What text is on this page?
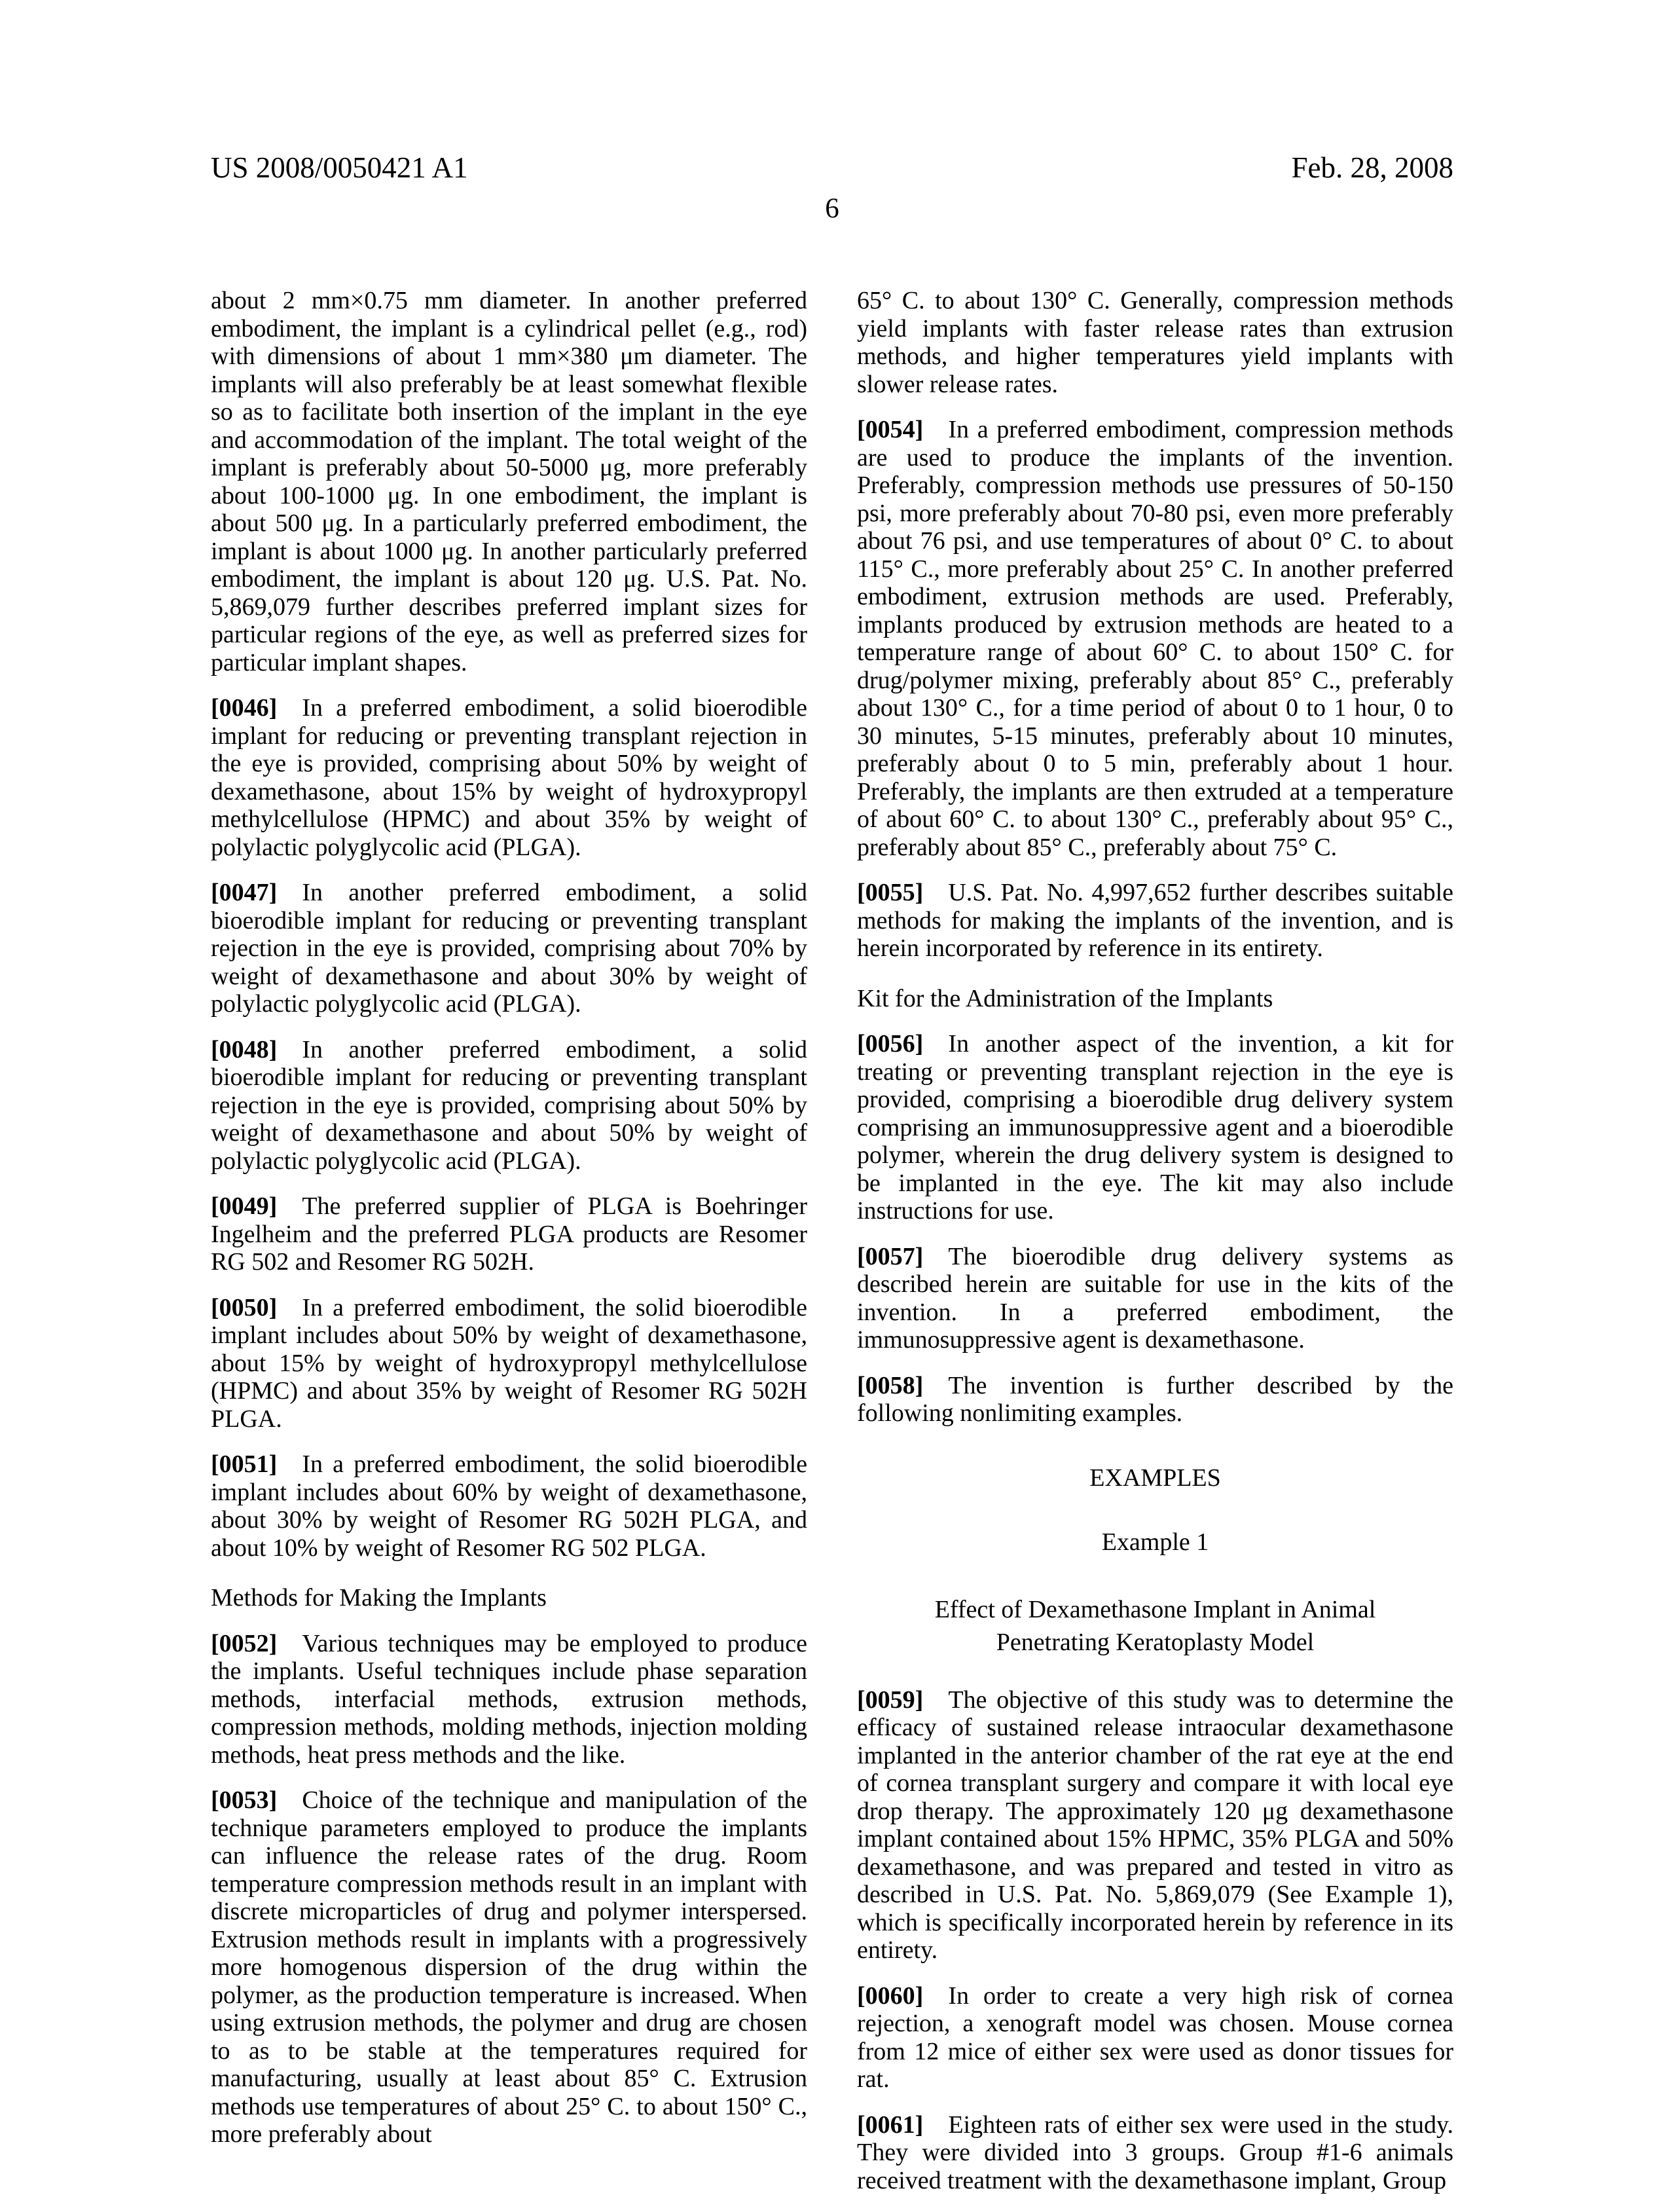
US 2008/0050421 A1	Feb. 28, 2008
6

about 2 mm×0.75 mm diameter. In another preferred embodiment, the implant is a cylindrical pellet (e.g., rod) with dimensions of about 1 mm×380 μm diameter. The implants will also preferably be at least somewhat flexible so as to facilitate both insertion of the implant in the eye and accommodation of the implant. The total weight of the implant is preferably about 50-5000 μg, more preferably about 100-1000 μg. In one embodiment, the implant is about 500 μg. In a particularly preferred embodiment, the implant is about 1000 μg. In another particularly preferred embodiment, the implant is about 120 μg. U.S. Pat. No. 5,869,079 further describes preferred implant sizes for particular regions of the eye, as well as preferred sizes for particular implant shapes.

[0046] In a preferred embodiment, a solid bioerodible implant for reducing or preventing transplant rejection in the eye is provided, comprising about 50% by weight of dexamethasone, about 15% by weight of hydroxypropyl methylcellulose (HPMC) and about 35% by weight of polylactic polyglycolic acid (PLGA).

[0047] In another preferred embodiment, a solid bioerodible implant for reducing or preventing transplant rejection in the eye is provided, comprising about 70% by weight of dexamethasone and about 30% by weight of polylactic polyglycolic acid (PLGA).

[0048] In another preferred embodiment, a solid bioerodible implant for reducing or preventing transplant rejection in the eye is provided, comprising about 50% by weight of dexamethasone and about 50% by weight of polylactic polyglycolic acid (PLGA).

[0049] The preferred supplier of PLGA is Boehringer Ingelheim and the preferred PLGA products are Resomer RG 502 and Resomer RG 502H.

[0050] In a preferred embodiment, the solid bioerodible implant includes about 50% by weight of dexamethasone, about 15% by weight of hydroxypropyl methylcellulose (HPMC) and about 35% by weight of Resomer RG 502H PLGA.

[0051] In a preferred embodiment, the solid bioerodible implant includes about 60% by weight of dexamethasone, about 30% by weight of Resomer RG 502H PLGA, and about 10% by weight of Resomer RG 502 PLGA.

Methods for Making the Implants

[0052] Various techniques may be employed to produce the implants. Useful techniques include phase separation methods, interfacial methods, extrusion methods, compression methods, molding methods, injection molding methods, heat press methods and the like.

[0053] Choice of the technique and manipulation of the technique parameters employed to produce the implants can influence the release rates of the drug. Room temperature compression methods result in an implant with discrete microparticles of drug and polymer interspersed. Extrusion methods result in implants with a progressively more homogenous dispersion of the drug within the polymer, as the production temperature is increased. When using extrusion methods, the polymer and drug are chosen to as to be stable at the temperatures required for manufacturing, usually at least about 85° C. Extrusion methods use temperatures of about 25° C. to about 150° C., more preferably about

65° C. to about 130° C. Generally, compression methods yield implants with faster release rates than extrusion methods, and higher temperatures yield implants with slower release rates.

[0054] In a preferred embodiment, compression methods are used to produce the implants of the invention. Preferably, compression methods use pressures of 50-150 psi, more preferably about 70-80 psi, even more preferably about 76 psi, and use temperatures of about 0° C. to about 115° C., more preferably about 25° C. In another preferred embodiment, extrusion methods are used. Preferably, implants produced by extrusion methods are heated to a temperature range of about 60° C. to about 150° C. for drug/polymer mixing, preferably about 85° C., preferably about 130° C., for a time period of about 0 to 1 hour, 0 to 30 minutes, 5-15 minutes, preferably about 10 minutes, preferably about 0 to 5 min, preferably about 1 hour. Preferably, the implants are then extruded at a temperature of about 60° C. to about 130° C., preferably about 95° C., preferably about 85° C., preferably about 75° C.

[0055] U.S. Pat. No. 4,997,652 further describes suitable methods for making the implants of the invention, and is herein incorporated by reference in its entirety.

Kit for the Administration of the Implants

[0056] In another aspect of the invention, a kit for treating or preventing transplant rejection in the eye is provided, comprising a bioerodible drug delivery system comprising an immunosuppressive agent and a bioerodible polymer, wherein the drug delivery system is designed to be implanted in the eye. The kit may also include instructions for use.

[0057] The bioerodible drug delivery systems as described herein are suitable for use in the kits of the invention. In a preferred embodiment, the immunosuppressive agent is dexamethasone.

[0058] The invention is further described by the following nonlimiting examples.

EXAMPLES

Example 1

Effect of Dexamethasone Implant in Animal
Penetrating Keratoplasty Model

[0059] The objective of this study was to determine the efficacy of sustained release intraocular dexamethasone implanted in the anterior chamber of the rat eye at the end of cornea transplant surgery and compare it with local eye drop therapy. The approximately 120 μg dexamethasone implant contained about 15% HPMC, 35% PLGA and 50% dexamethasone, and was prepared and tested in vitro as described in U.S. Pat. No. 5,869,079 (See Example 1), which is specifically incorporated herein by reference in its entirety.

[0060] In order to create a very high risk of cornea rejection, a xenograft model was chosen. Mouse cornea from 12 mice of either sex were used as donor tissues for rat.

[0061] Eighteen rats of either sex were used in the study. They were divided into 3 groups. Group #1-6 animals received treatment with the dexamethasone implant, Group
